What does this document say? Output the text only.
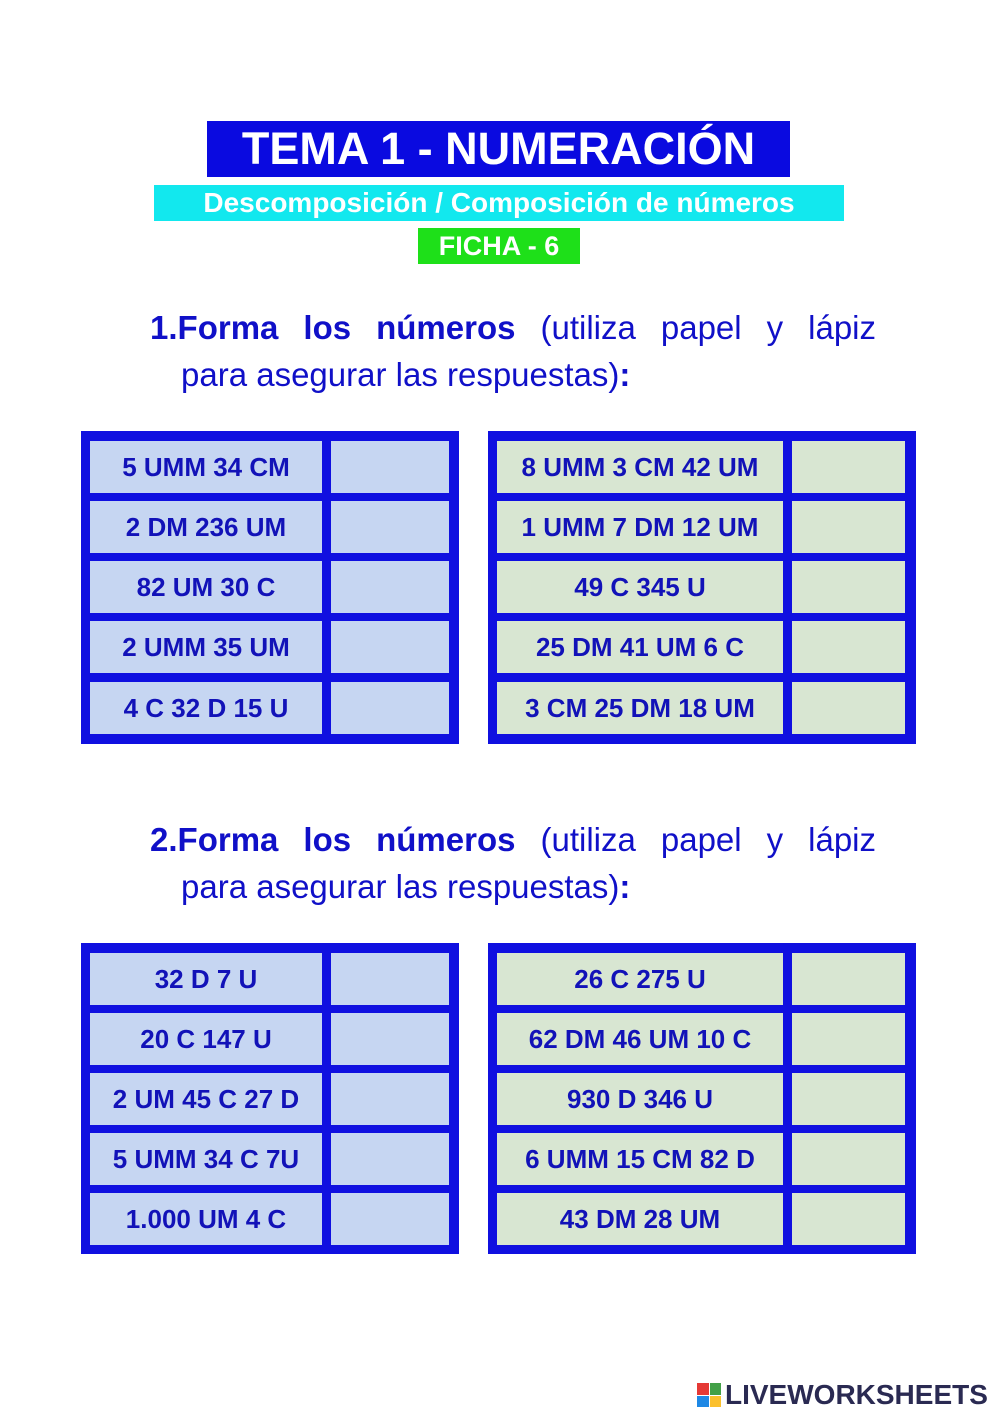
TEMA 1 - NUMERACIÓN
Descomposición / Composición de números
FICHA - 6
1.Forma los números (utiliza papel y lápiz
para asegurar las respuestas):
5 UMM 34 CM
2 DM 236 UM
82 UM 30 C
2 UMM 35 UM
4 C 32 D 15 U
8 UMM 3 CM 42 UM
1 UMM 7 DM 12 UM
49 C 345 U
25 DM 41 UM 6 C
3 CM 25 DM 18 UM
2.Forma los números (utiliza papel y lápiz
para asegurar las respuestas):
32 D 7 U
20 C 147 U
2 UM 45 C 27 D
5 UMM 34 C 7U
1.000 UM 4 C
26 C 275 U
62 DM 46 UM 10 C
930 D 346 U
6 UMM 15 CM 82 D
43 DM 28 UM
LIVEWORKSHEETS
